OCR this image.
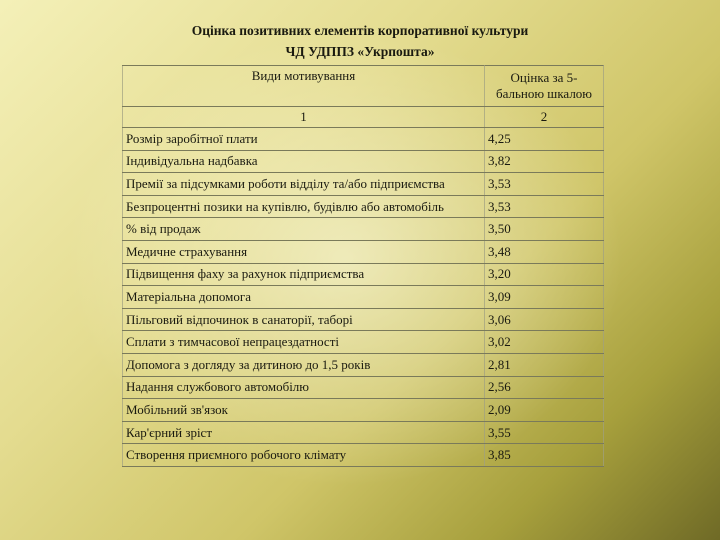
Оцінка позитивних елементів корпоративної культури
ЧД УДППЗ «Укрпошта»
Види мотивування	Оцінка за 5-бальною шкалою
1	2
Розмір заробітної плати	4,25
Індивідуальна надбавка	3,82
Премії за підсумками роботи відділу та/або підприємства	3,53
Безпроцентні позики на купівлю, будівлю або автомобіль	3,53
% від продаж	3,50
Медичне страхування	3,48
Підвищення фаху за рахунок підприємства	3,20
Матеріальна допомога	3,09
Пільговий відпочинок в санаторії, таборі	3,06
Сплати з тимчасової непрацездатності	3,02
Допомога з догляду за дитиною до 1,5 років	2,81
Надання службового автомобілю	2,56
Мобільний зв'язок	2,09
Кар'єрний зріст	3,55
Створення приємного робочого клімату	3,85
